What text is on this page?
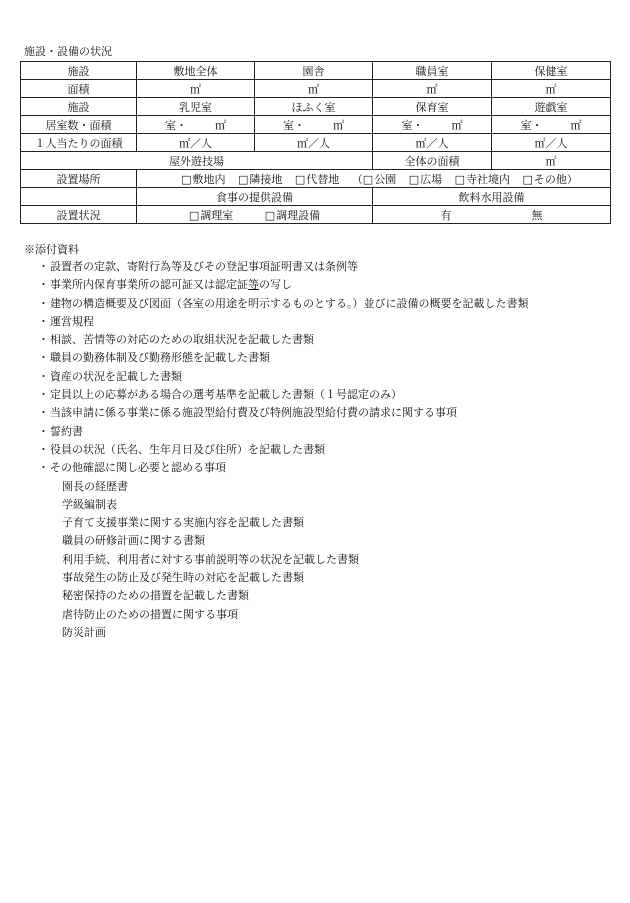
施設・設備の状況
施設	敷地全体	園舎	職員室	保健室
面積	㎡	㎡	㎡	㎡
施設	乳児室	ほふく室	保育室	遊戯室
居室数・面積	室・ ㎡	室・ ㎡	室・ ㎡	室・ ㎡
１人当たりの面積	㎡／人	㎡／人	㎡／人	㎡／人
屋外遊技場			全体の面積	㎡
設置場所	□敷地内 □隣接地 □代替地 （□公園 □広場 □寺社境内 □その他）			
	食事の提供設備		飲料水用設備	
設置状況	□調理室 □調理設備		有 無	
※添付資料
・設置者の定款、寄附行為等及びその登記事項証明書又は条例等
・事業所内保育事業所の認可証又は認定証等の写し
・建物の構造概要及び図面（各室の用途を明示するものとする。）並びに設備の概要を記載した書類
・運営規程
・相談、苦情等の対応のための取組状況を記載した書類
・職員の勤務体制及び勤務形態を記載した書類
・資産の状況を記載した書類
・定員以上の応募がある場合の選考基準を記載した書類（１号認定のみ）
・当該申請に係る事業に係る施設型給付費及び特例施設型給付費の請求に関する事項
・誓約書
・役員の状況（氏名、生年月日及び住所）を記載した書類
・その他確認に関し必要と認める事項
園長の経歴書
学級編制表
子育て支援事業に関する実施内容を記載した書類
職員の研修計画に関する書類
利用手続、利用者に対する事前説明等の状況を記載した書類
事故発生の防止及び発生時の対応を記載した書類
秘密保持のための措置を記載した書類
虐待防止のための措置に関する事項
防災計画
